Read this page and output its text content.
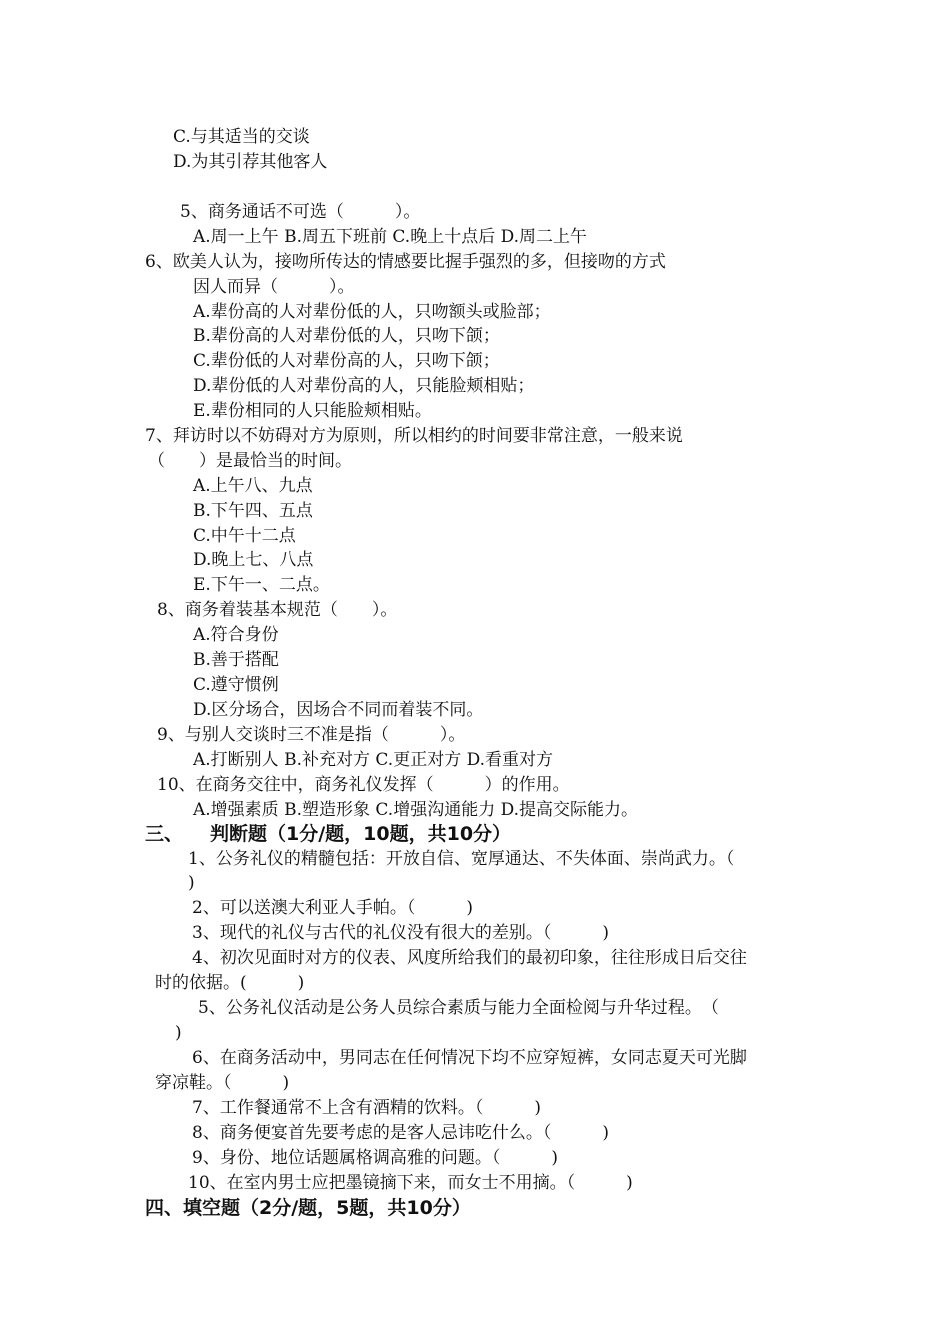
C.与其适当的交谈
D.为其引荐其他客人
5、商务通话不可选（　　　）。
A.周一上午 B.周五下班前 C.晚上十点后 D.周二上午
6、欧美人认为，接吻所传达的情感要比握手强烈的多，但接吻的方式
因人而异（　　　）。
A.辈份高的人对辈份低的人，只吻额头或脸部；
B.辈份高的人对辈份低的人，只吻下颌；
C.辈份低的人对辈份高的人，只吻下颌；
D.辈份低的人对辈份高的人，只能脸颊相贴；
E.辈份相同的人只能脸颊相贴。
7、拜访时以不妨碍对方为原则，所以相约的时间要非常注意，一般来说
（　　）是最恰当的时间。
A.上午八、九点
B.下午四、五点
C.中午十二点
D.晚上七、八点
E.下午一、二点。
8、商务着装基本规范（　　）。
A.符合身份
B.善于搭配
C.遵守惯例
D.区分场合，因场合不同而着装不同。
9、与别人交谈时三不准是指（　　　）。
A.打断别人 B.补充对方 C.更正对方 D.看重对方
10、在商务交往中，商务礼仪发挥（　　　）的作用。
A.增强素质 B.塑造形象 C.增强沟通能力 D.提高交际能力。
三、 判断题（1分/题，10题，共10分）
1、公务礼仪的精髓包括：开放自信、宽厚通达、不失体面、崇尚武力。（
)
2、可以送澳大利亚人手帕。（　　　)
3、现代的礼仪与古代的礼仪没有很大的差别。（　　　)
4、初次见面时对方的仪表、风度所给我们的最初印象，往往形成日后交往
时的依据。(　　　)
5、公务礼仪活动是公务人员综合素质与能力全面检阅与升华过程。　（
)
6、在商务活动中，男同志在任何情况下均不应穿短裤，女同志夏天可光脚
穿凉鞋。（　　　)
7、工作餐通常不上含有酒精的饮料。（　　　)
8、商务便宴首先要考虑的是客人忌讳吃什么。（　　　)
9、身份、地位话题属格调高雅的问题。（　　　)
10、在室内男士应把墨镜摘下来，而女士不用摘。（　　　)
四、填空题（2分/题，5题，共10分）
